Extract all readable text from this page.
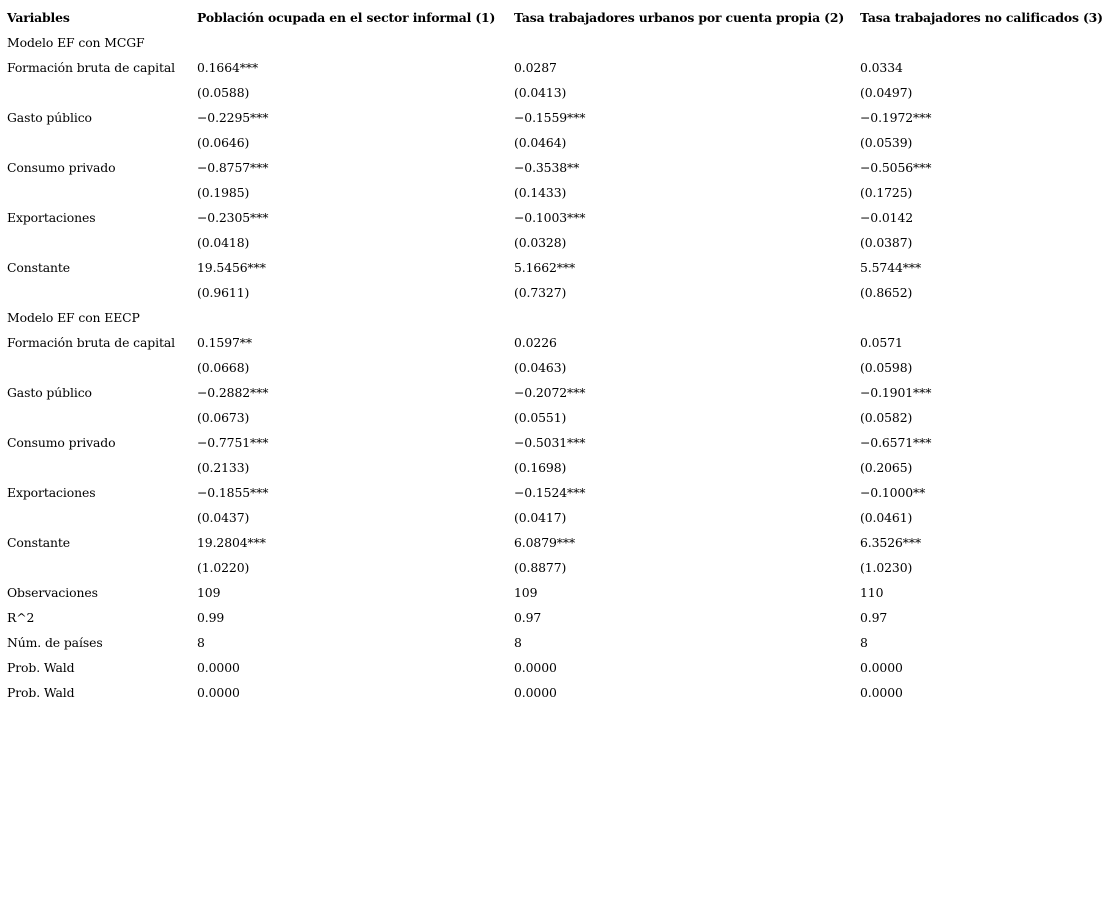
Variables	Población ocupada en el sector informal (1)	Tasa trabajadores urbanos por cuenta propia (2)	Tasa trabajadores no calificados (3)
Modelo EF con MCGF			
Formación bruta de capital	0.1664***	0.0287	0.0334
	(0.0588)	(0.0413)	(0.0497)
Gasto público	−0.2295***	−0.1559***	−0.1972***
	(0.0646)	(0.0464)	(0.0539)
Consumo privado	−0.8757***	−0.3538**	−0.5056***
	(0.1985)	(0.1433)	(0.1725)
Exportaciones	−0.2305***	−0.1003***	−0.0142
	(0.0418)	(0.0328)	(0.0387)
Constante	19.5456***	5.1662***	5.5744***
	(0.9611)	(0.7327)	(0.8652)
Modelo EF con EECP			
Formación bruta de capital	0.1597**	0.0226	0.0571
	(0.0668)	(0.0463)	(0.0598)
Gasto público	−0.2882***	−0.2072***	−0.1901***
	(0.0673)	(0.0551)	(0.0582)
Consumo privado	−0.7751***	−0.5031***	−0.6571***
	(0.2133)	(0.1698)	(0.2065)
Exportaciones	−0.1855***	−0.1524***	−0.1000**
	(0.0437)	(0.0417)	(0.0461)
Constante	19.2804***	6.0879***	6.3526***
	(1.0220)	(0.8877)	(1.0230)
Observaciones	109	109	110
R^2	0.99	0.97	0.97
Núm. de países	8	8	8
Prob. Wald	0.0000	0.0000	0.0000
Prob. Wald	0.0000	0.0000	0.0000
